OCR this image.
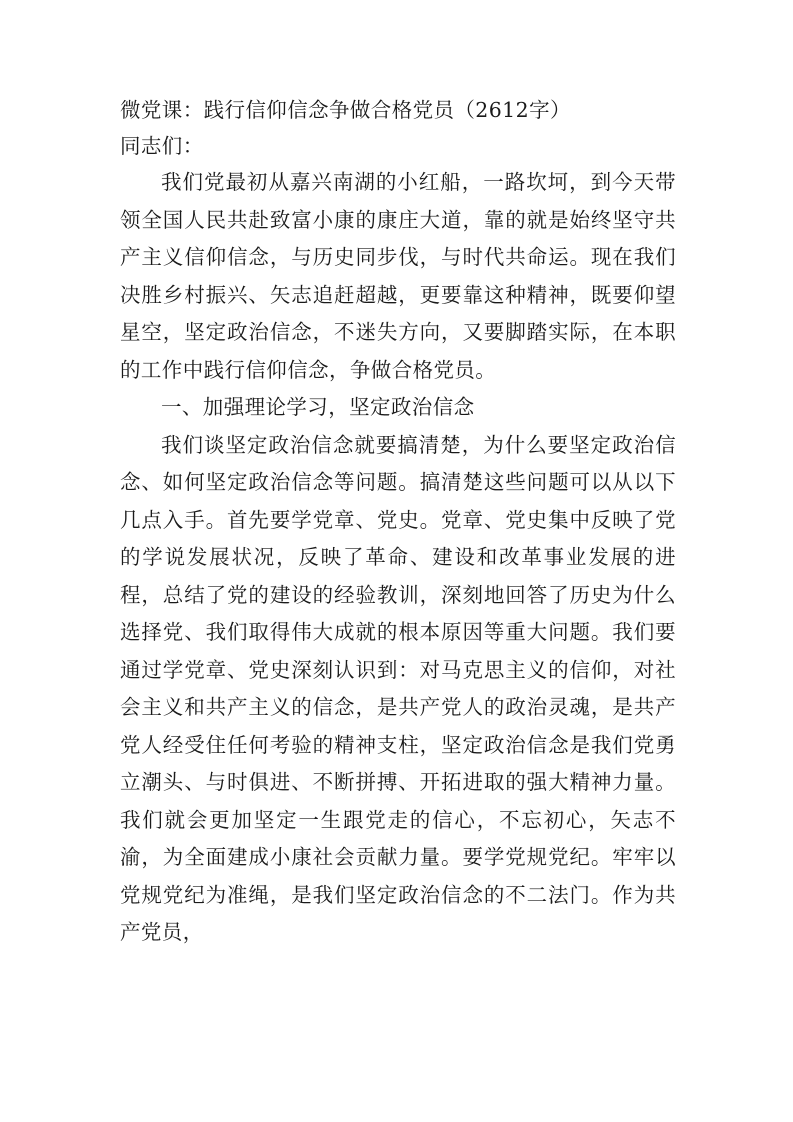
微党课：践行信仰信念争做合格党员（2612字）
同志们：

我们党最初从嘉兴南湖的小红船，一路坎坷，到今天带领全国人民共赴致富小康的康庄大道，靠的就是始终坚守共产主义信仰信念，与历史同步伐，与时代共命运。现在我们决胜乡村振兴、矢志追赶超越，更要靠这种精神，既要仰望星空，坚定政治信念，不迷失方向，又要脚踏实际，在本职的工作中践行信仰信念，争做合格党员。

一、加强理论学习，坚定政治信念

我们谈坚定政治信念就要搞清楚，为什么要坚定政治信念、如何坚定政治信念等问题。搞清楚这些问题可以从以下几点入手。首先要学党章、党史。党章、党史集中反映了党的学说发展状况，反映了革命、建设和改革事业发展的进程，总结了党的建设的经验教训，深刻地回答了历史为什么选择党、我们取得伟大成就的根本原因等重大问题。我们要通过学党章、党史深刻认识到：对马克思主义的信仰，对社会主义和共产主义的信念，是共产党人的政治灵魂，是共产党人经受住任何考验的精神支柱，坚定政治信念是我们党勇立潮头、与时俱进、不断拼搏、开拓进取的强大精神力量。我们就会更加坚定一生跟党走的信心，不忘初心，矢志不渝，为全面建成小康社会贡献力量。要学党规党纪。牢牢以党规党纪为准绳，是我们坚定政治信念的不二法门。作为共产党员，
